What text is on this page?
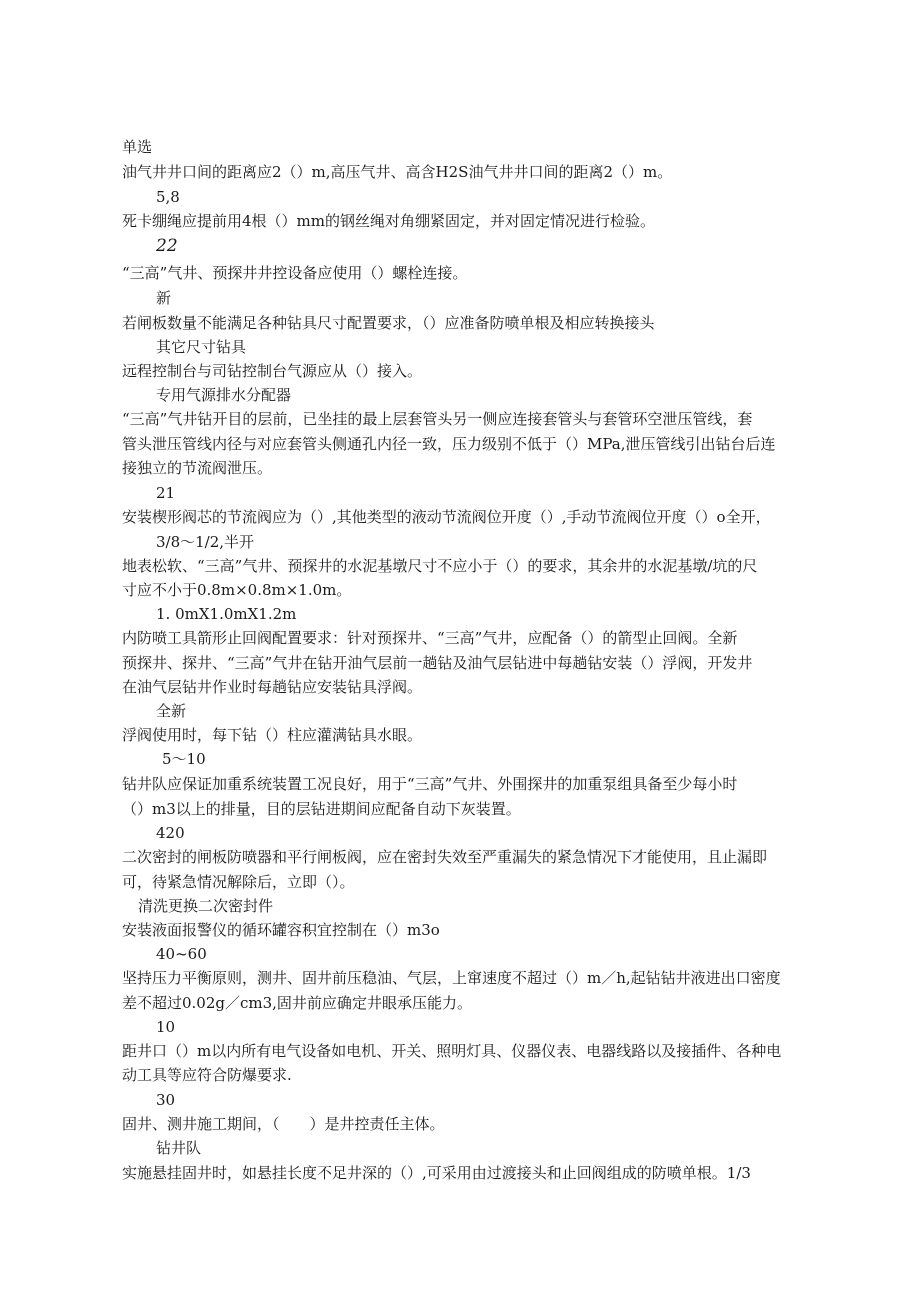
单选
油气井井口间的距离应2（）m,高压气井、高含H2S油气井井口间的距离2（）m。
5,8
死卡绷绳应提前用4根（）mm的钢丝绳对角绷紧固定，并对固定情况进行检验。
22
“三高”气井、预探井井控设备应使用（）螺栓连接。
新
若闸板数量不能满足各种钻具尺寸配置要求，（）应准备防喷单根及相应转换接头
其它尺寸钻具
远程控制台与司钻控制台气源应从（）接入。
专用气源排水分配器
“三高”气井钻开目的层前，已坐挂的最上层套管头另一侧应连接套管头与套管环空泄压管线，套
管头泄压管线内径与对应套管头侧通孔内径一致，压力级别不低于（）MPa,泄压管线引出钻台后连
接独立的节流阀泄压。
21
安装楔形阀芯的节流阀应为（）,其他类型的液动节流阀位开度（）,手动节流阀位开度（）o全开，
3/8～1/2,半开
地表松软、“三高”气井、预探井的水泥基墩尺寸不应小于（）的要求，其余井的水泥基墩/坑的尺
寸应不小于0.8m×0.8m×1.0m。
1. 0mX1.0mX1.2m
内防喷工具箭形止回阀配置要求：针对预探井、“三高”气井，应配备（）的箭型止回阀。全新
预探井、探井、“三高”气井在钻开油气层前一趟钻及油气层钻进中每趟钻安装（）浮阀，开发井
在油气层钻井作业时每趟钻应安装钻具浮阀。
全新
浮阀使用时，每下钻（）柱应灌满钻具水眼。
5～10
钻井队应保证加重系统装置工况良好，用于“三高”气井、外围探井的加重泵组具备至少每小时
（）m3以上的排量，目的层钻进期间应配备自动下灰装置。
420
二次密封的闸板防喷器和平行闸板阀，应在密封失效至严重漏失的紧急情况下才能使用，且止漏即
可，待紧急情况解除后，立即（）。
清洗更换二次密封件
安装液面报警仪的循环罐容积宜控制在（）m3o
40~60
坚持压力平衡原则，测井、固井前压稳油、气层，上窜速度不超过（）m／h,起钻钻井液进出口密度
差不超过0.02g／cm3,固井前应确定井眼承压能力。
10
距井口（）m以内所有电气设备如电机、开关、照明灯具、仪器仪表、电器线路以及接插件、各种电
动工具等应符合防爆要求.
30
固井、测井施工期间，（　　）是井控责任主体。
钻井队
实施悬挂固井时，如悬挂长度不足井深的（）,可采用由过渡接头和止回阀组成的防喷单根。1/3
